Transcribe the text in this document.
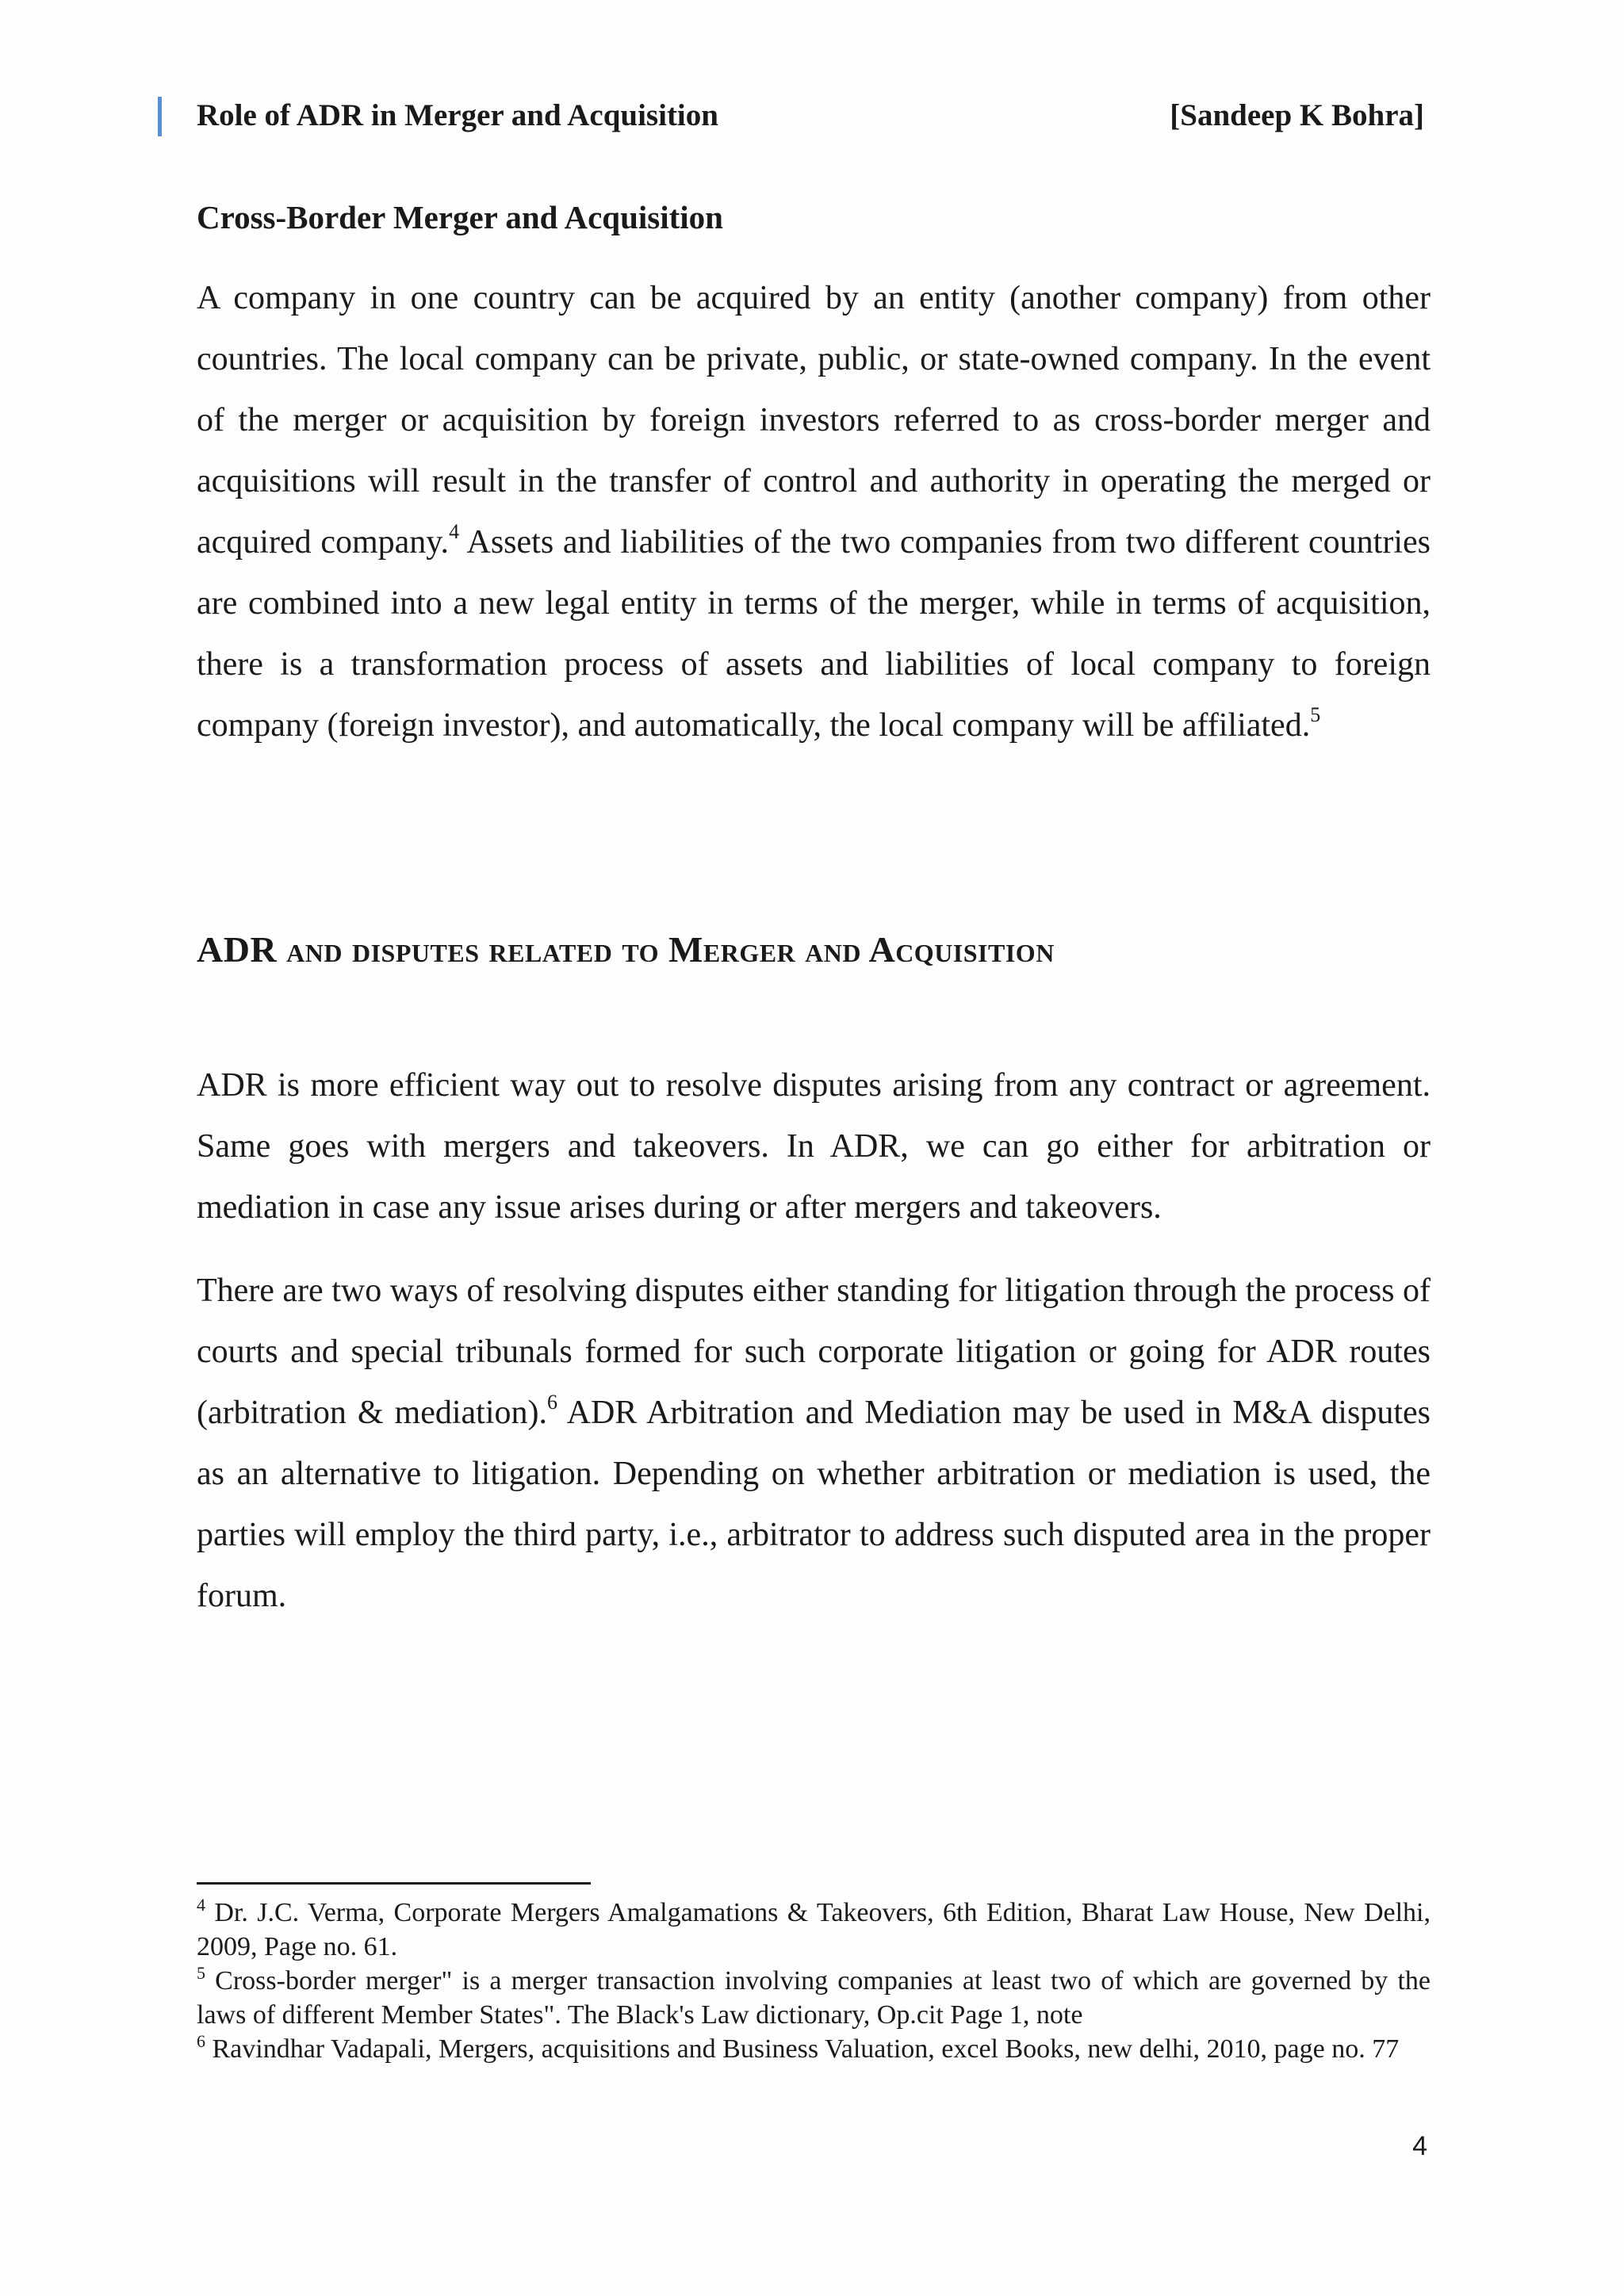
Role of ADR in Merger and Acquisition	[Sandeep K Bohra]
Cross-Border Merger and Acquisition

A company in one country can be acquired by an entity (another company) from other countries. The local company can be private, public, or state-owned company. In the event of the merger or acquisition by foreign investors referred to as cross-border merger and acquisitions will result in the transfer of control and authority in operating the merged or acquired company.$^4$ Assets and liabilities of the two companies from two different countries are combined into a new legal entity in terms of the merger, while in terms of acquisition, there is a transformation process of assets and liabilities of local company to foreign company (foreign investor), and automatically, the local company will be affiliated.$^5$

ADR and disputes related to Merger and Acquisition

ADR is more efficient way out to resolve disputes arising from any contract or agreement. Same goes with mergers and takeovers. In ADR, we can go either for arbitration or mediation in case any issue arises during or after mergers and takeovers.

There are two ways of resolving disputes either standing for litigation through the process of courts and special tribunals formed for such corporate litigation or going for ADR routes (arbitration & mediation).$^6$ ADR Arbitration and Mediation may be used in M&A disputes as an alternative to litigation. Depending on whether arbitration or mediation is used, the parties will employ the third party, i.e., arbitrator to address such disputed area in the proper forum.

$^4$ Dr. J.C. Verma, Corporate Mergers Amalgamations & Takeovers, 6th Edition, Bharat Law House, New Delhi, 2009, Page no. 61.

$^5$ Cross-border merger" is a merger transaction involving companies at least two of which are governed by the laws of different Member States". The Black's Law dictionary, Op.cit Page 1, note

$^6$ Ravindhar Vadapali, Mergers, acquisitions and Business Valuation, excel Books, new delhi, 2010, page no. 77

4
